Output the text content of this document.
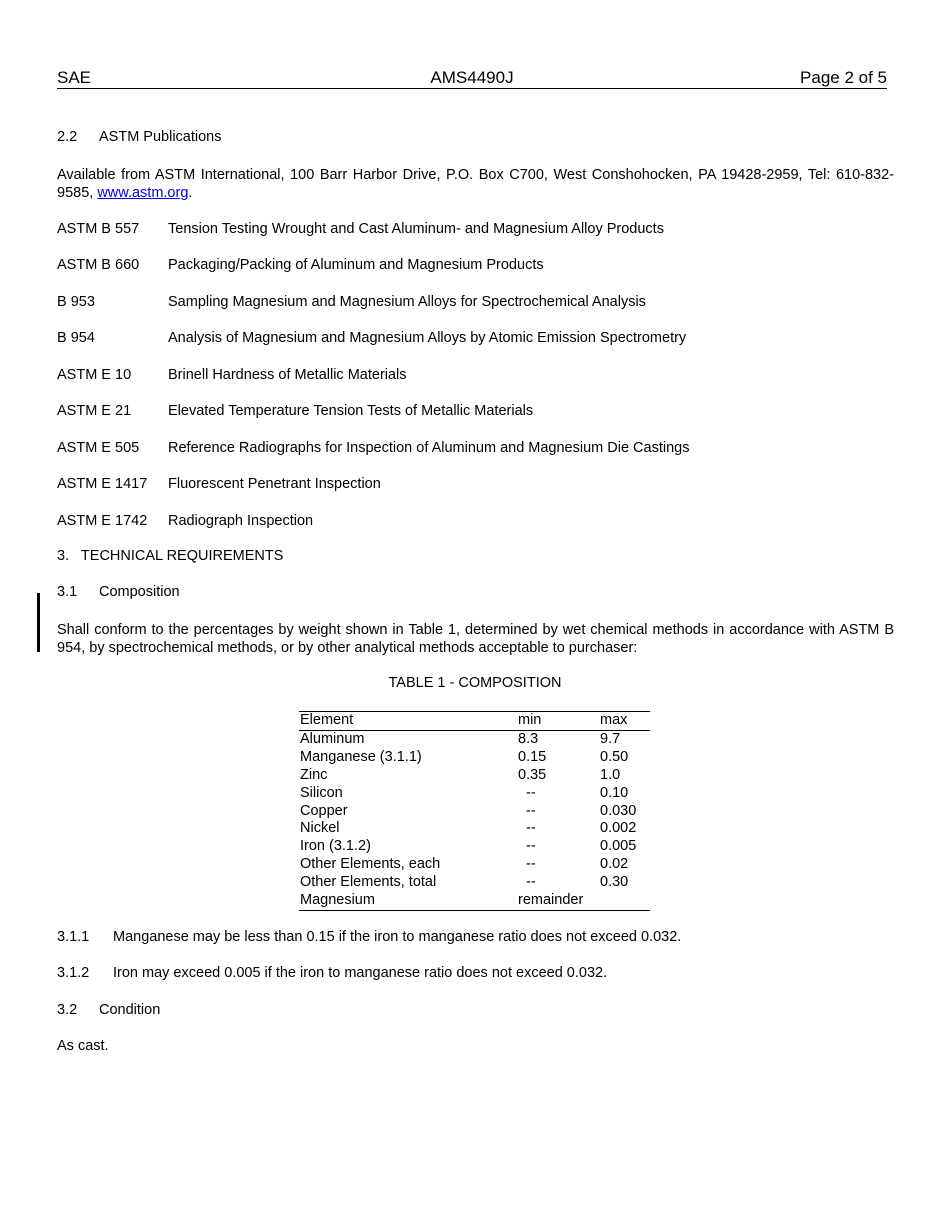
SAE	AMS4490J	Page 2 of 5
2.2 ASTM Publications
Available from ASTM International, 100 Barr Harbor Drive, P.O. Box C700, West Conshohocken, PA 19428-2959, Tel: 610-832-9585, www.astm.org.
ASTM B 557 Tension Testing Wrought and Cast Aluminum- and Magnesium Alloy Products
ASTM B 660 Packaging/Packing of Aluminum and Magnesium Products
B 953	Sampling Magnesium and Magnesium Alloys for Spectrochemical Analysis
B 954	Analysis of Magnesium and Magnesium Alloys by Atomic Emission Spectrometry
ASTM E 10	Brinell Hardness of Metallic Materials
ASTM E 21	Elevated Temperature Tension Tests of Metallic Materials
ASTM E 505 Reference Radiographs for Inspection of Aluminum and Magnesium Die Castings
ASTM E 1417 Fluorescent Penetrant Inspection
ASTM E 1742 Radiograph Inspection
3.   TECHNICAL REQUIREMENTS
3.1 Composition
Shall conform to the percentages by weight shown in Table 1, determined by wet chemical methods in accordance with ASTM B  954, by spectrochemical methods, or by other analytical methods acceptable to purchaser:
TABLE 1 - COMPOSITION
Element	min	max
Aluminum	8.3	9.7
Manganese (3.1.1)	0.15	0.50
Zinc	0.35	1.0
Silicon	--	0.10
Copper	--	0.030
Nickel	--	0.002
Iron (3.1.2)	--	0.005
Other Elements, each	--	0.02
Other Elements, total	--	0.30
Magnesium	remainder	
3.1.1 Manganese may be less than 0.15 if the iron to manganese ratio does not exceed 0.032.
3.1.2 Iron may exceed 0.005 if the iron to manganese ratio does not exceed 0.032.
3.2 Condition
As cast.
